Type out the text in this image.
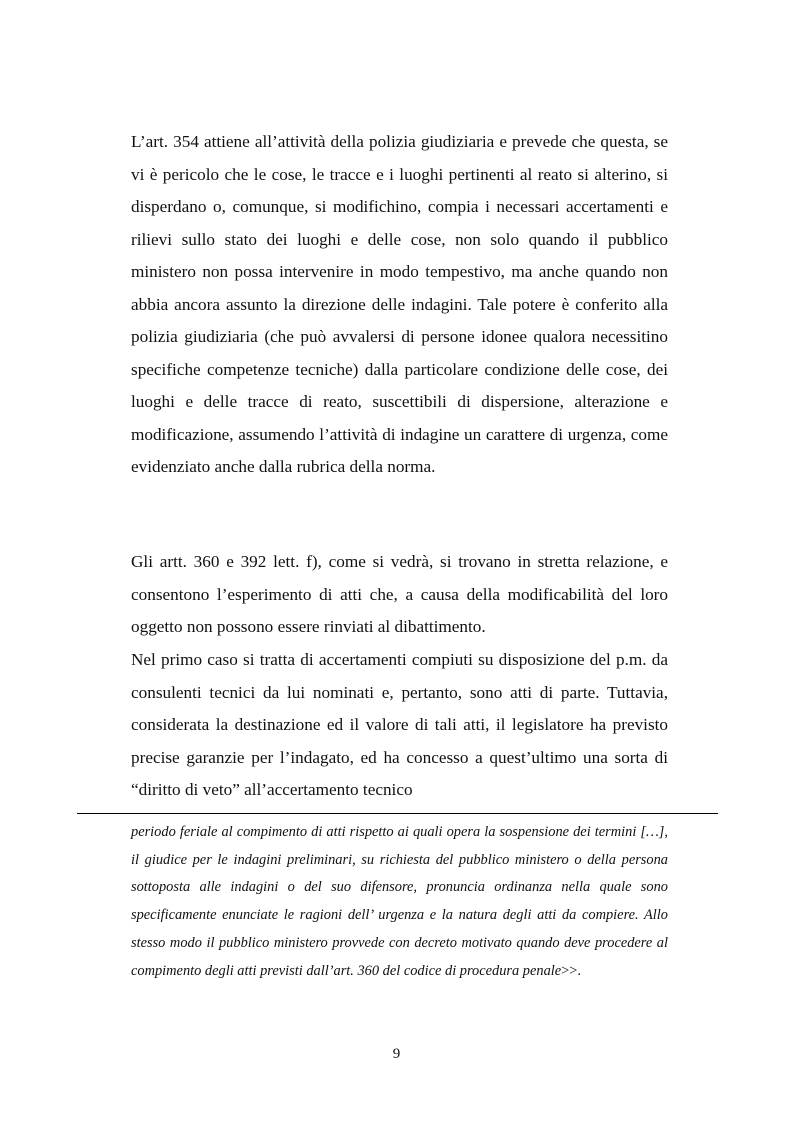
L’art. 354 attiene all’attività della polizia giudiziaria e prevede che questa, se vi è pericolo che le cose, le tracce e i luoghi pertinenti al reato si alterino, si disperdano o, comunque, si modifichino, compia i necessari accertamenti e rilievi sullo stato dei luoghi e delle cose, non solo quando il pubblico ministero non possa intervenire in modo tempestivo, ma anche quando non abbia ancora assunto la direzione delle indagini. Tale potere è conferito alla polizia giudiziaria (che può avvalersi di persone idonee qualora necessitino specifiche competenze tecniche) dalla particolare condizione delle cose, dei luoghi e delle tracce di reato, suscettibili di dispersione, alterazione e modificazione, assumendo l’attività di indagine un carattere di urgenza, come evidenziato anche dalla rubrica della norma.

Gli artt. 360 e 392 lett. f), come si vedrà, si trovano in stretta relazione, e consentono l’esperimento di atti che, a causa della modificabilità del loro oggetto non possono essere rinviati al dibattimento.

Nel primo caso si tratta di accertamenti compiuti su disposizione del p.m. da consulenti tecnici da lui nominati e, pertanto, sono atti di parte. Tuttavia, considerata la destinazione ed il valore di tali atti, il legislatore ha previsto precise garanzie per l’indagato, ed ha concesso a quest’ultimo una sorta di “diritto di veto” all’accertamento tecnico

periodo feriale al compimento di atti rispetto ai quali opera la sospensione dei termini […], il giudice per le indagini preliminari, su richiesta del pubblico ministero o della persona sottoposta alle indagini o del suo difensore, pronuncia ordinanza nella quale sono specificamente enunciate le ragioni dell’ urgenza e la natura degli atti da compiere. Allo stesso modo il pubblico ministero provvede con decreto motivato quando deve procedere al compimento degli atti previsti dall’art. 360 del codice di procedura penale>>.

9
